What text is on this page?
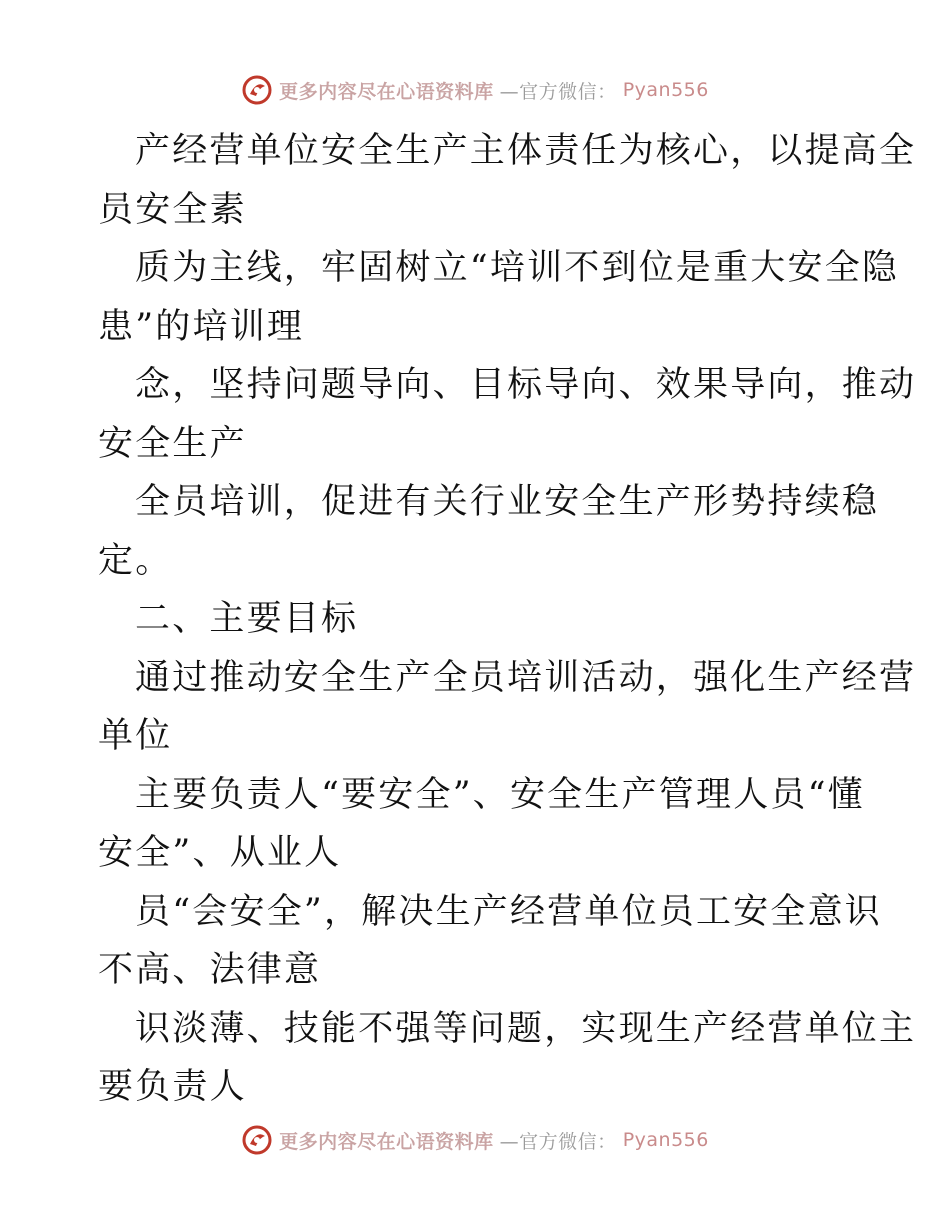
更多内容尽在心语资料库 —官方微信： Pyan556
产经营单位安全生产主体责任为核心，以提高全
员安全素
质为主线，牢固树立“培训不到位是重大安全隐
患”的培训理
念，坚持问题导向、目标导向、效果导向，推动
安全生产
全员培训，促进有关行业安全生产形势持续稳
定。
二、主要目标
通过推动安全生产全员培训活动，强化生产经营
单位
主要负责人“要安全”、安全生产管理人员“懂
安全”、从业人
员“会安全”，解决生产经营单位员工安全意识
不高、法律意
识淡薄、技能不强等问题，实现生产经营单位主
要负责人
更多内容尽在心语资料库 —官方微信： Pyan556
